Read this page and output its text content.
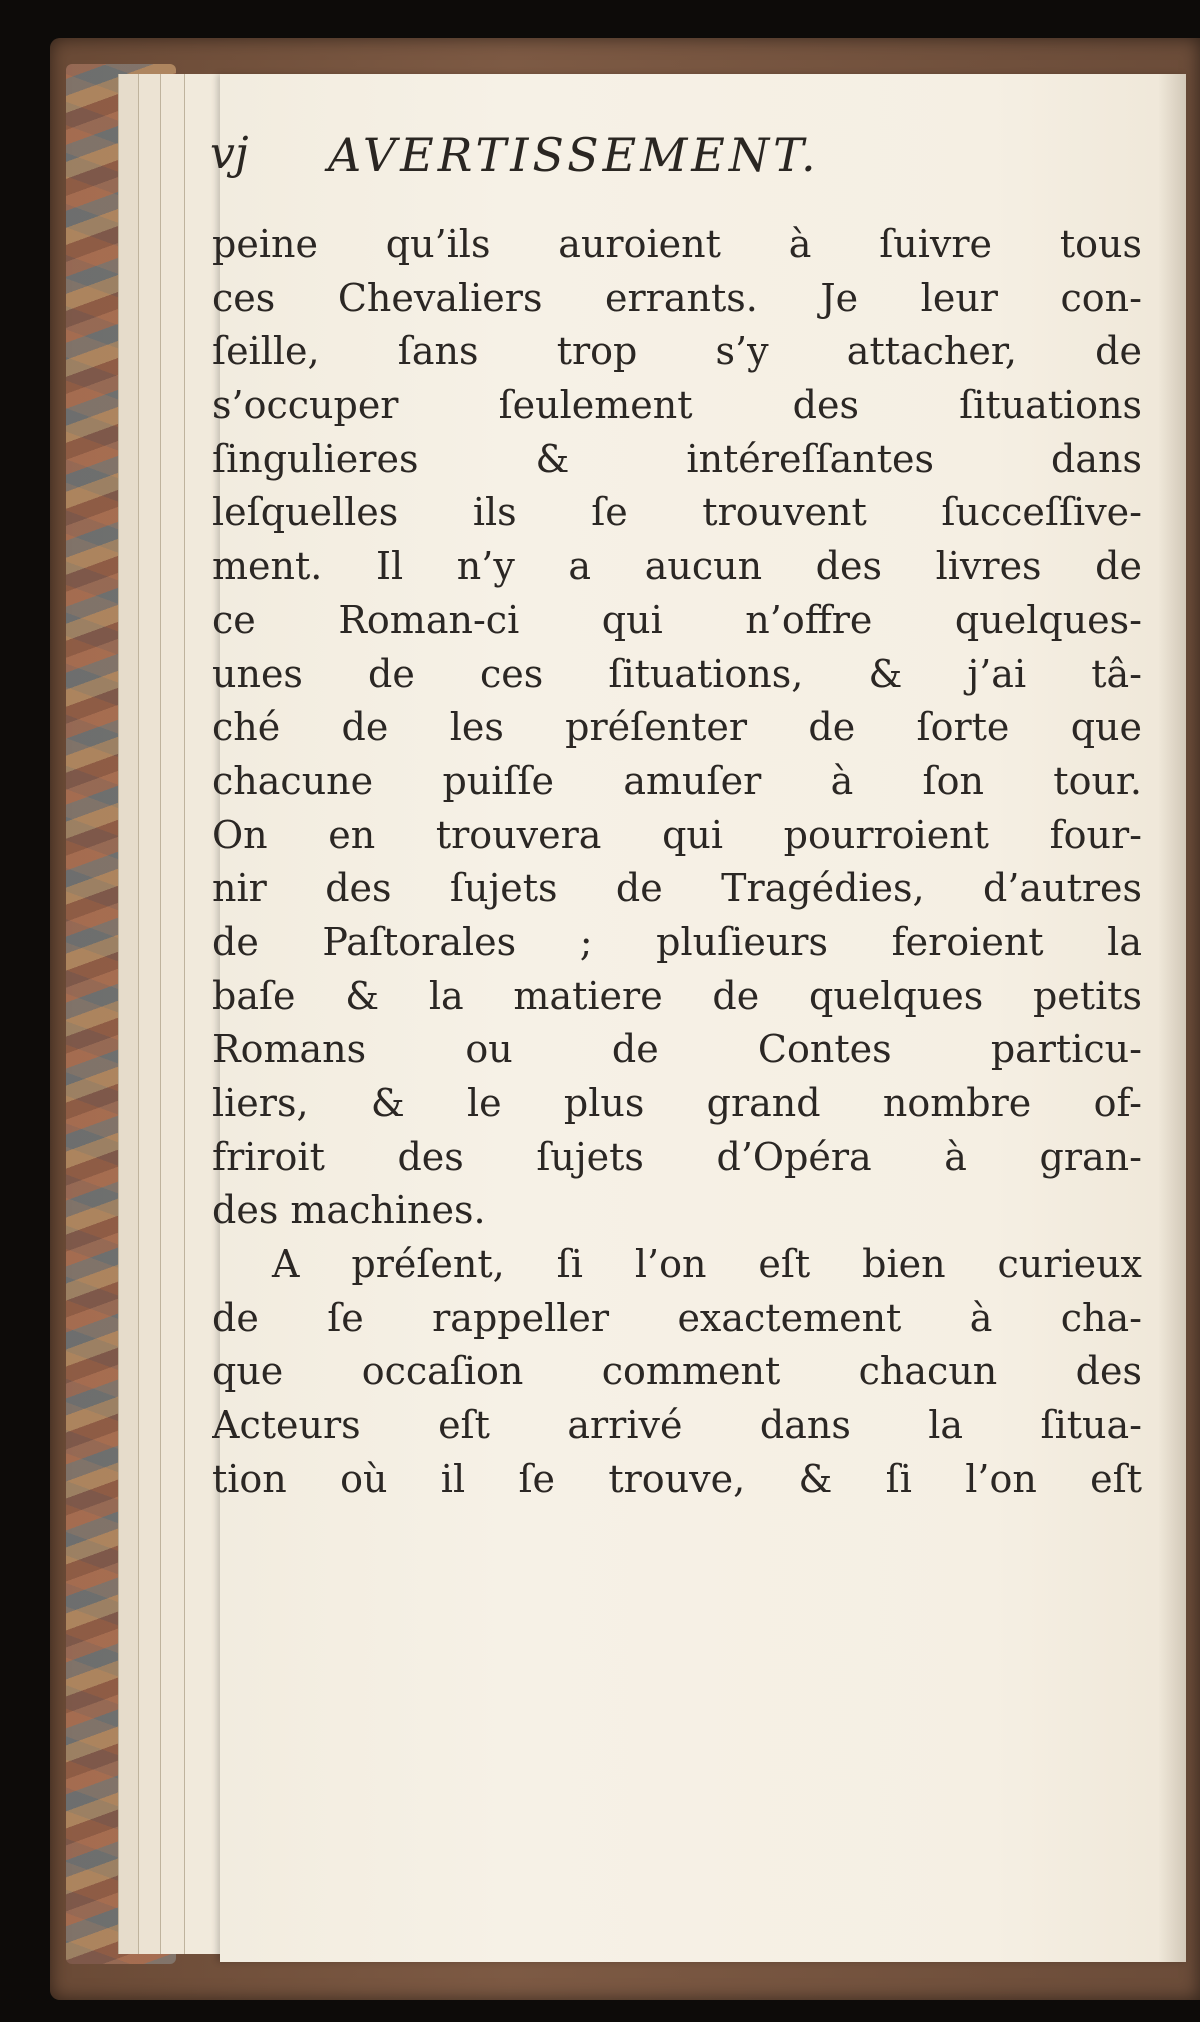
vj AVERTISSEMENT.
peine qu’ils auroient à ſuivre tous
ces Chevaliers errants. Je leur con-
ſeille, ſans trop s’y attacher, de
s’occuper ſeulement des ſituations
ſingulieres & intéreſſantes dans
leſquelles ils ſe trouvent ſucceſſive-
ment. Il n’y a aucun des livres de
ce Roman-ci qui n’offre quelques-
unes de ces ſituations, & j’ai tâ-
ché de les préſenter de ſorte que
chacune puiſſe amuſer à ſon tour.
On en trouvera qui pourroient four-
nir des ſujets de Tragédies, d’autres
de Paſtorales ; pluſieurs feroient la
baſe & la matiere de quelques petits
Romans ou de Contes particu-
liers, & le plus grand nombre of-
friroit des ſujets d’Opéra à gran-
des machines.
A préſent, ſi l’on eſt bien curieux
de ſe rappeller exactement à cha-
que occaſion comment chacun des
Acteurs eſt arrivé dans la ſitua-
tion où il ſe trouve, & ſi l’on eſt
